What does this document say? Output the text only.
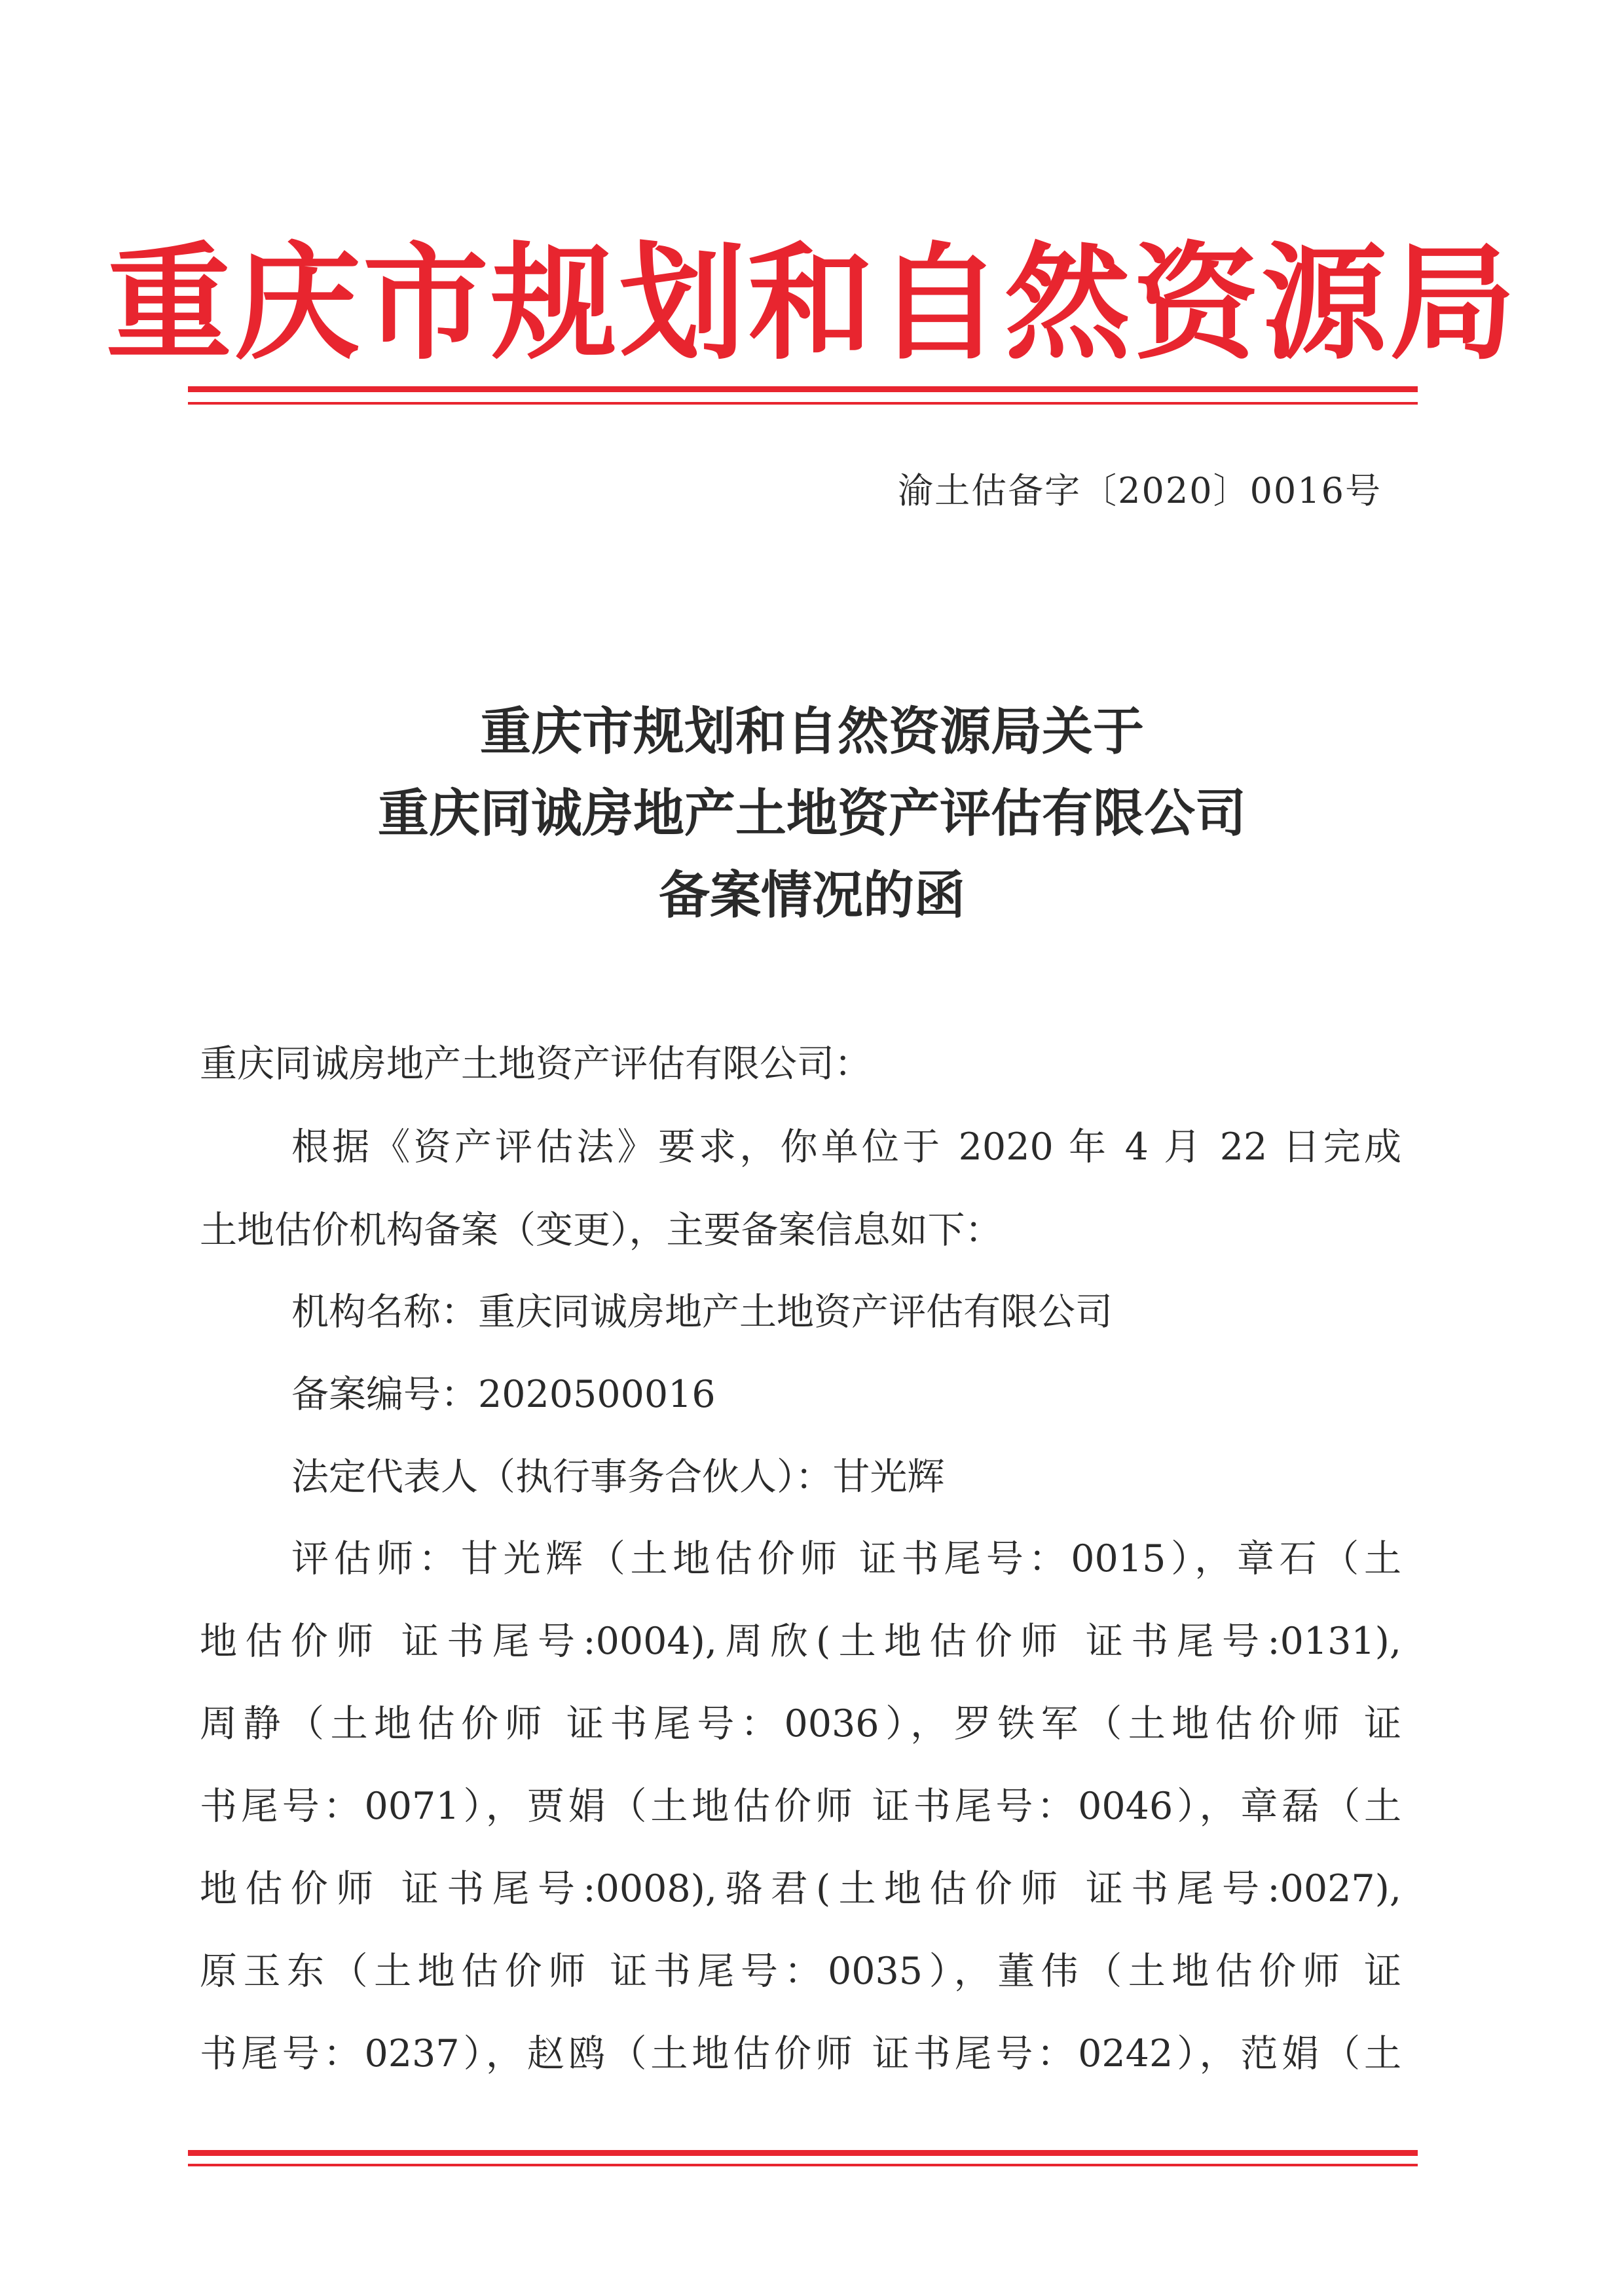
重庆市规划和自然资源局
渝土估备字〔2020〕0016号
重庆市规划和自然资源局关于
重庆同诚房地产土地资产评估有限公司
备案情况的函
重庆同诚房地产土地资产评估有限公司：
根据《资产评估法》要求，你单位于 2020 年 4 月 22 日完成
土地估价机构备案（变更），主要备案信息如下：
机构名称：重庆同诚房地产土地资产评估有限公司
备案编号：2020500016
法定代表人（执行事务合伙人）：甘光辉
评估师：甘光辉（土地估价师 证书尾号：0015），章石（土
地估价师 证书尾号:0004),周欣(土地估价师 证书尾号:0131),
周静（土地估价师 证书尾号：0036），罗铁军（土地估价师 证
书尾号：0071），贾娟（土地估价师 证书尾号：0046），章磊（土
地估价师 证书尾号:0008),骆君(土地估价师 证书尾号:0027),
原玉东（土地估价师 证书尾号：0035），董伟（土地估价师 证
书尾号：0237），赵鸥（土地估价师 证书尾号：0242），范娟（土
